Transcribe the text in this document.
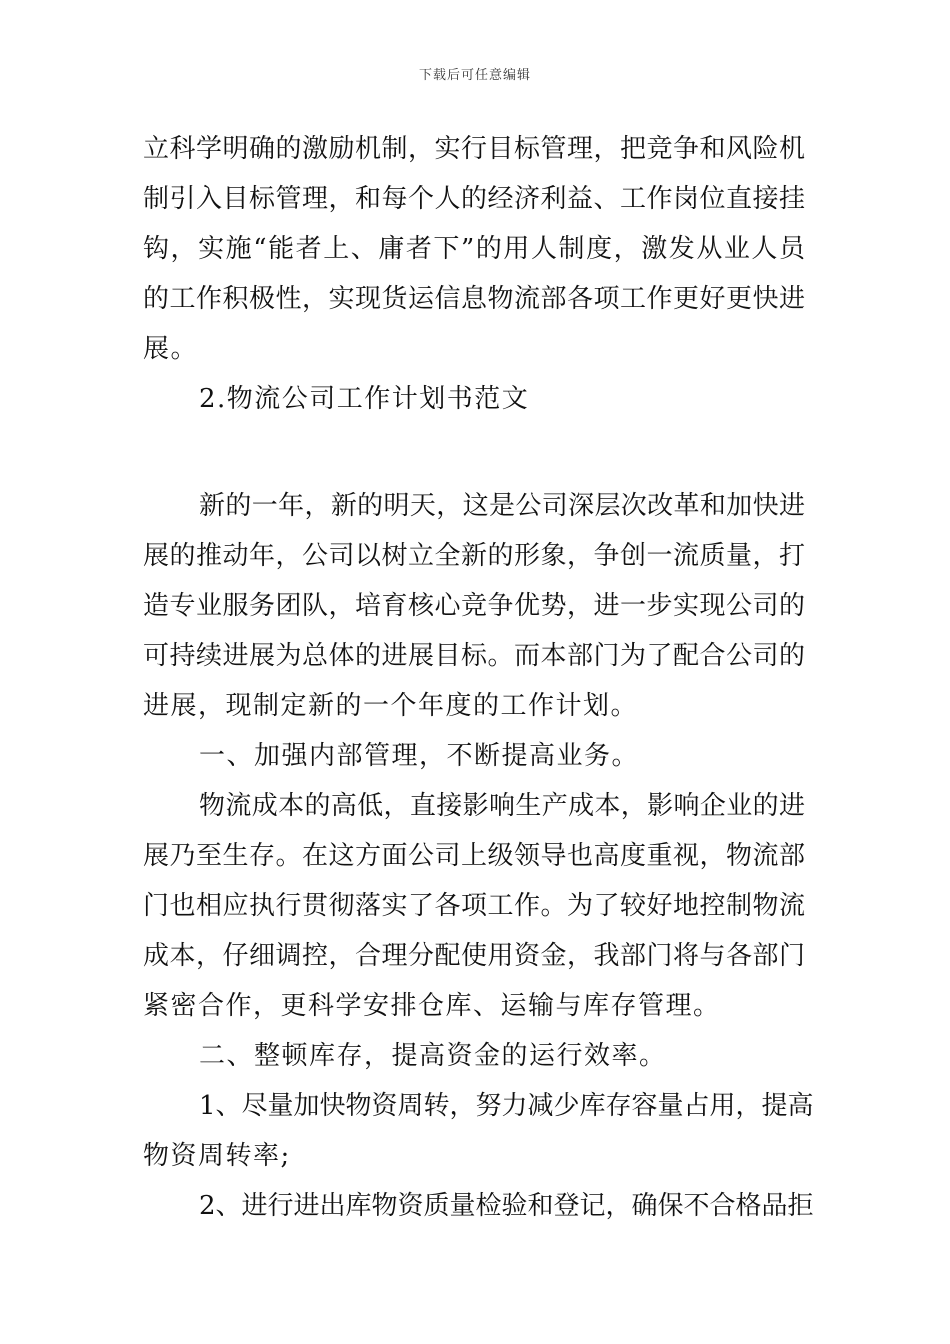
下载后可任意编辑
立科学明确的激励机制，实行目标管理，把竞争和风险机
制引入目标管理，和每个人的经济利益、工作岗位直接挂
钩，实施“能者上、庸者下”的用人制度，激发从业人员
的工作积极性，实现货运信息物流部各项工作更好更快进
展。
2.物流公司工作计划书范文
新的一年，新的明天，这是公司深层次改革和加快进
展的推动年，公司以树立全新的形象，争创一流质量，打
造专业服务团队，培育核心竞争优势，进一步实现公司的
可持续进展为总体的进展目标。而本部门为了配合公司的
进展，现制定新的一个年度的工作计划。
一、加强内部管理，不断提高业务。
物流成本的高低，直接影响生产成本，影响企业的进
展乃至生存。在这方面公司上级领导也高度重视，物流部
门也相应执行贯彻落实了各项工作。为了较好地控制物流
成本，仔细调控，合理分配使用资金，我部门将与各部门
紧密合作，更科学安排仓库、运输与库存管理。
二、整顿库存，提高资金的运行效率。
1、尽量加快物资周转，努力减少库存容量占用，提高
物资周转率;
2、进行进出库物资质量检验和登记，确保不合格品拒
